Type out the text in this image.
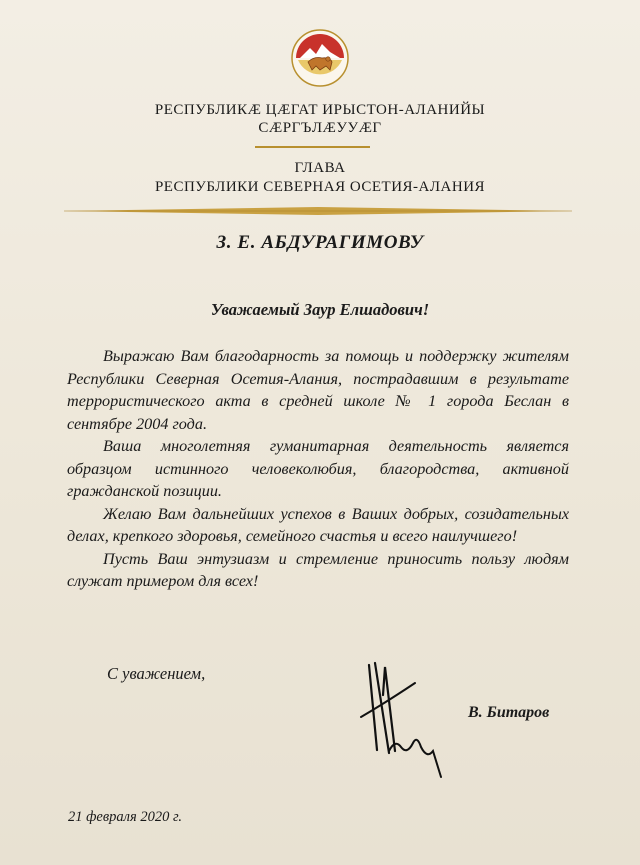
РЕСПУБЛИКÆ ЦÆГАТ ИРЫСТОН-АЛАНИЙЫ
СÆРГЪЛÆУУÆГ
ГЛАВА
РЕСПУБЛИКИ СЕВЕРНАЯ ОСЕТИЯ-АЛАНИЯ
З. Е. АБДУРАГИМОВУ
Уважаемый Заур Елшадович!

Выражаю Вам благодарность за помощь и поддержку жителям Республики Северная Осетия-Алания, пострадавшим в результате террористического акта в средней школе № 1 города Беслан в сентябре 2004 года.

Ваша многолетняя гуманитарная деятельность является образцом истинного человеколюбия, благородства, активной гражданской позиции.

Желаю Вам дальнейших успехов в Ваших добрых, созидательных делах, крепкого здоровья, семейного счастья и всего наилучшего!

Пусть Ваш энтузиазм и стремление приносить пользу людям служат примером для всех!

С уважением,
В. Битаров
21 февраля 2020 г.
